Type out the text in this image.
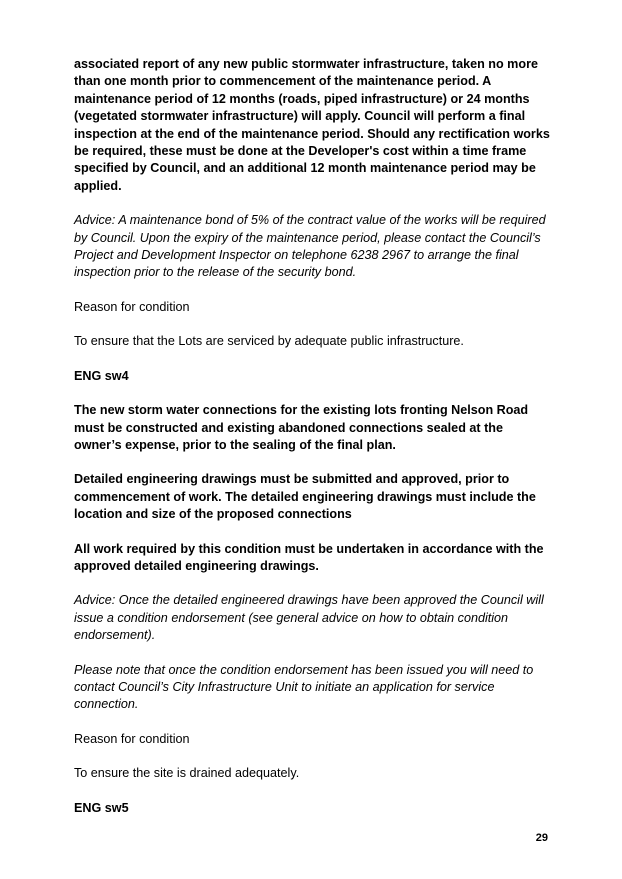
associated report of any new public stormwater infrastructure, taken no more than one month prior to commencement of the maintenance period. A maintenance period of 12 months (roads, piped infrastructure) or 24 months (vegetated stormwater infrastructure) will apply. Council will perform a final inspection at the end of the maintenance period. Should any rectification works be required, these must be done at the Developer's cost within a time frame specified by Council, and an additional 12 month maintenance period may be applied.

Advice: A maintenance bond of 5% of the contract value of the works will be required by Council. Upon the expiry of the maintenance period, please contact the Council’s Project and Development Inspector on telephone 6238 2967 to arrange the final inspection prior to the release of the security bond.

Reason for condition

To ensure that the Lots are serviced by adequate public infrastructure.

ENG sw4

The new storm water connections for the existing lots fronting Nelson Road must be constructed and existing abandoned connections sealed at the owner’s expense, prior to the sealing of the final plan.

Detailed engineering drawings must be submitted and approved, prior to commencement of work. The detailed engineering drawings must include the location and size of the proposed connections

All work required by this condition must be undertaken in accordance with the approved detailed engineering drawings.

Advice: Once the detailed engineered drawings have been approved the Council will issue a condition endorsement (see general advice on how to obtain condition endorsement).

Please note that once the condition endorsement has been issued you will need to contact Council’s City Infrastructure Unit to initiate an application for service connection.

Reason for condition

To ensure the site is drained adequately.

ENG sw5

29
